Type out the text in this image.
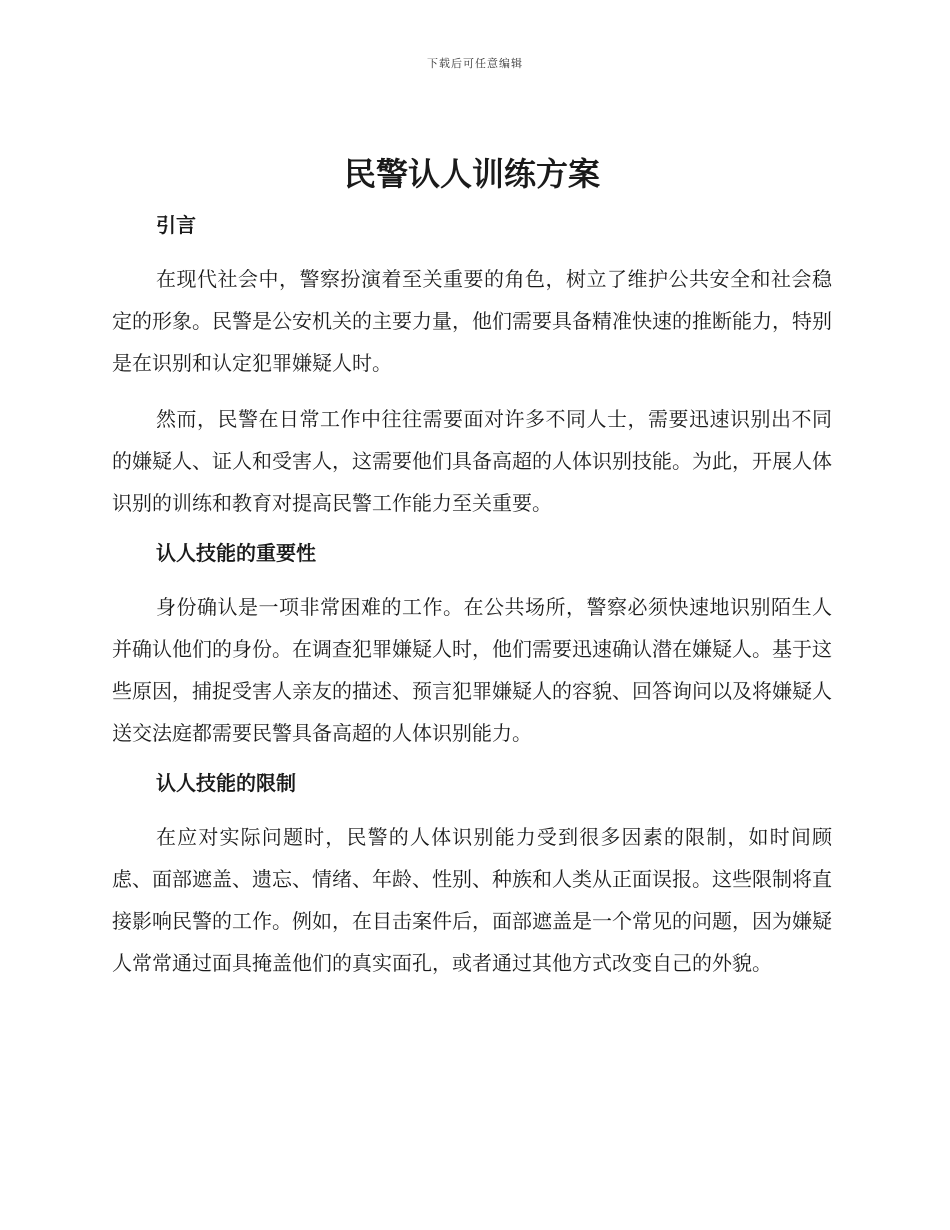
下载后可任意编辑
民警认人训练方案
引言

在现代社会中，警察扮演着至关重要的角色，树立了维护公共安全和社会稳定的形象。民警是公安机关的主要力量，他们需要具备精准快速的推断能力，特别是在识别和认定犯罪嫌疑人时。

然而，民警在日常工作中往往需要面对许多不同人士，需要迅速识别出不同的嫌疑人、证人和受害人，这需要他们具备高超的人体识别技能。为此，开展人体识别的训练和教育对提高民警工作能力至关重要。

认人技能的重要性

身份确认是一项非常困难的工作。在公共场所，警察必须快速地识别陌生人并确认他们的身份。在调查犯罪嫌疑人时，他们需要迅速确认潜在嫌疑人。基于这些原因，捕捉受害人亲友的描述、预言犯罪嫌疑人的容貌、回答询问以及将嫌疑人送交法庭都需要民警具备高超的人体识别能力。

认人技能的限制

在应对实际问题时，民警的人体识别能力受到很多因素的限制，如时间顾虑、面部遮盖、遗忘、情绪、年龄、性别、种族和人类从正面误报。这些限制将直接影响民警的工作。例如，在目击案件后，面部遮盖是一个常见的问题，因为嫌疑人常常通过面具掩盖他们的真实面孔，或者通过其他方式改变自己的外貌。
